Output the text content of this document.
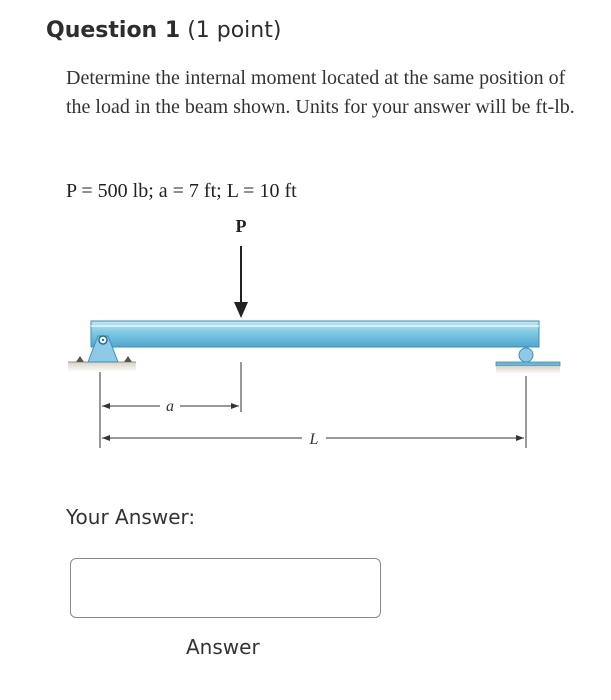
Question 1 (1 point)
Determine the internal moment located at the same position of the load in the beam shown. Units for your answer will be ft-lb.
P = 500 lb; a = 7 ft; L = 10 ft
P
a
L
Your Answer:
Answer
